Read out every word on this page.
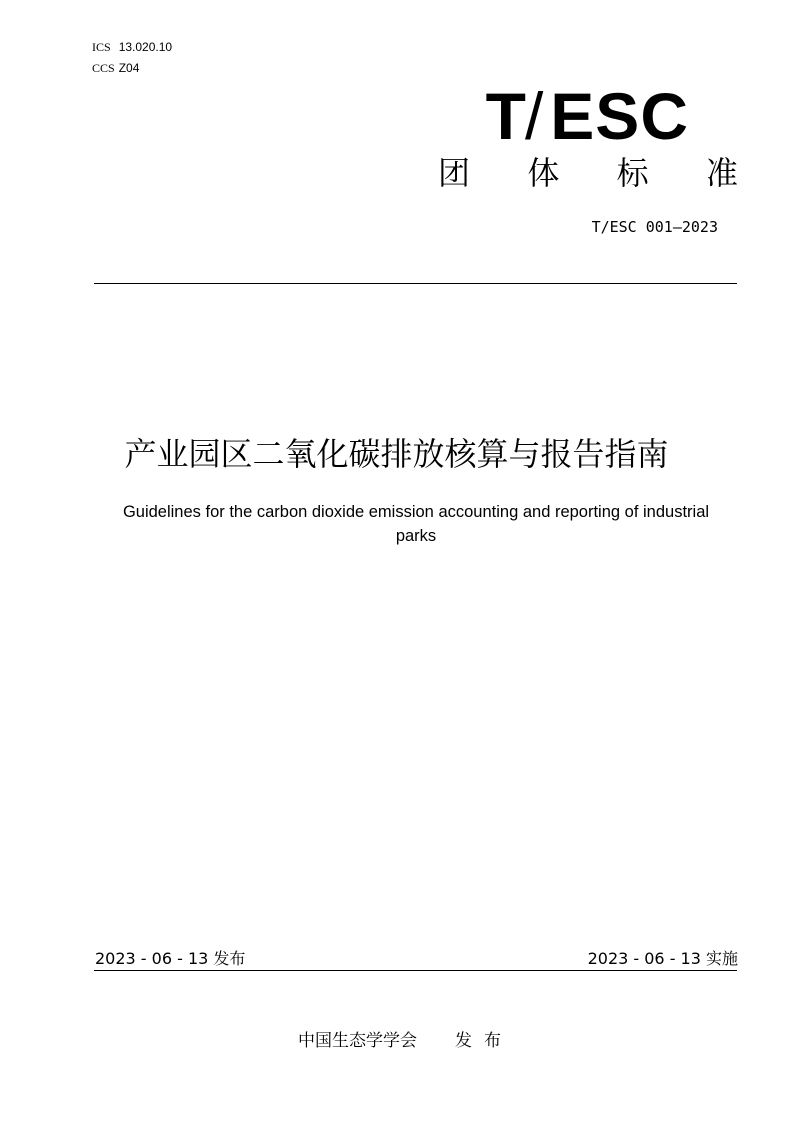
ICS 13.020.10
CCS Z04
T/ESC
团 体 标 准
T/ESC 001—2023
产业园区二氧化碳排放核算与报告指南
Guidelines for the carbon dioxide emission accounting and reporting of industrial parks
2023 - 06 - 13 发布	2023 - 06 - 13 实施
中国生态学学会 发布
